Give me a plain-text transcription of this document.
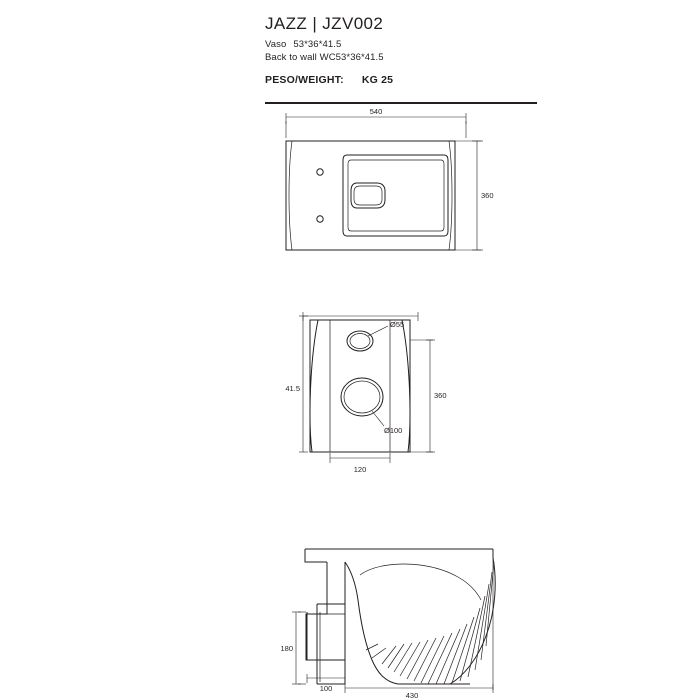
JAZZ | JZV002
Vaso 53*36*41.5
Back to wall WC53*36*41.5
PESO/WEIGHT: KG 25
540
360
Ø55
Ø100
41.5
360
120
180
100
430
